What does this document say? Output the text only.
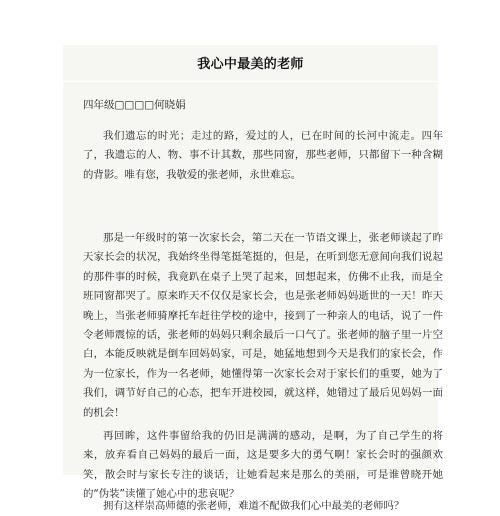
我心中最美的老师
四年级□□□□何晓娟

我们遗忘的时光；走过的路，爱过的人，已在时间的长河中流走。四年了，我遗忘的人、物、事不计其数，那些同窗，那些老师，只都留下一种含糊的背影。唯有您，我敬爱的张老师，永世难忘。

那是一年级时的第一次家长会，第二天在一节语文课上，张老师谈起了昨天家长会的状况，我始终坐得笔挺笔挺的，但是，在听到您无意间向我们说起的那件事的时候，我竟趴在桌子上哭了起来，回想起来，仿佛不止我，而是全班同窗都哭了。原来昨天不仅仅是家长会，也是张老师妈妈逝世的一天！昨天晚上，当张老师骑摩托车赶往学校的途中，接到了一种亲人的电话，说了一件令老师震惊的话，张老师的妈妈只剩余最后一口气了。张老师的脑子里一片空白，本能反映就是倒车回妈妈家，可是，她猛地想到今天是我们的家长会，作为一位家长，作为一名老师，她懂得第一次家长会对于家长们的重要，她为了我们，调节好自己的心态，把车开进校园，就这样，她错过了最后见妈妈一面的机会！

再回眸，这件事留给我的仍旧是满满的感动，是啊，为了自己学生的将来，放弃看自己妈妈的最后一面，这是要多大的勇气啊！家长会时的强颜欢笑，散会时与家长专注的谈话，让她看起来是那么的美丽，可是谁曾晓开她的“伪装”读懂了她心中的悲哀呢？

拥有这样崇高师德的张老师，难道不配做我们心中最美的老师吗？
